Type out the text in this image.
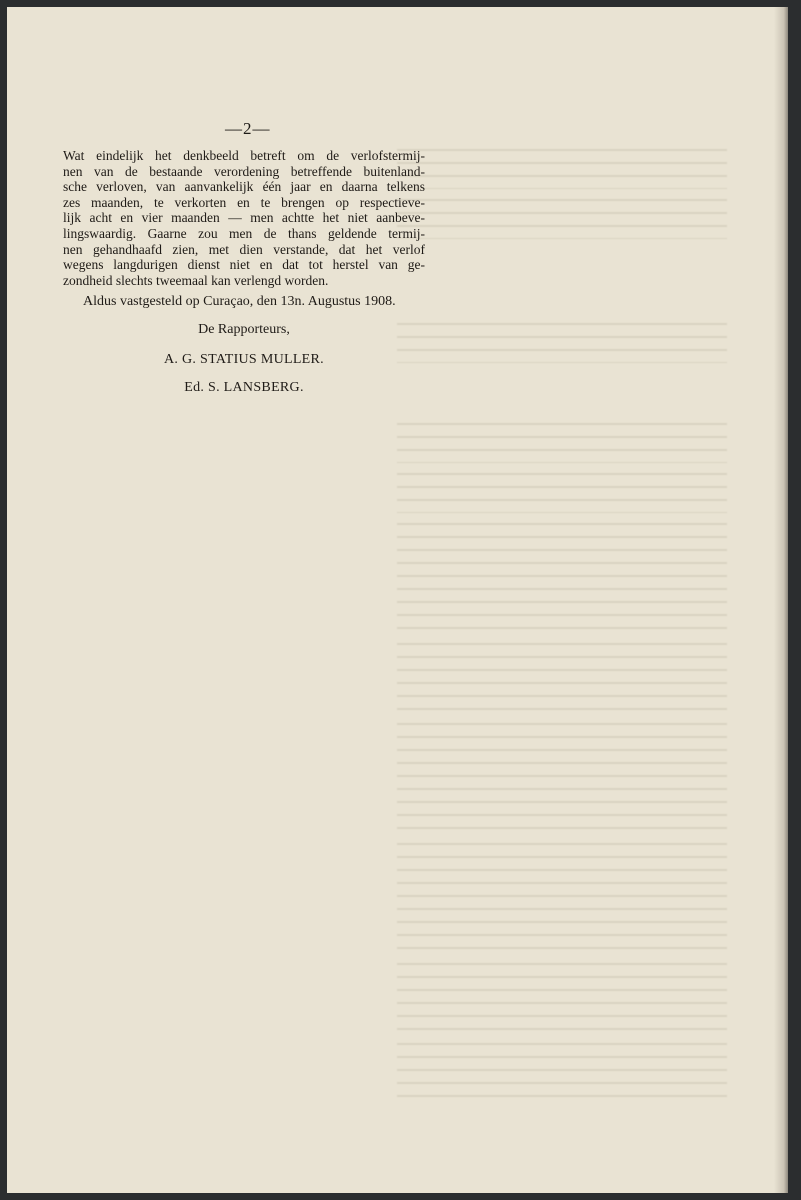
—2—
Wat eindelijk het denkbeeld betreft om de verlofstermij-
nen van de bestaande verordening betreffende buitenland-
sche verloven, van aanvankelijk één jaar en daarna telkens
zes maanden, te verkorten en te brengen op respectieve-
lijk acht en vier maanden — men achtte het niet aanbeve-
lingswaardig. Gaarne zou men de thans geldende termij-
nen gehandhaafd zien, met dien verstande, dat het verlof
wegens langdurigen dienst niet en dat tot herstel van ge-
zondheid slechts tweemaal kan verlengd worden.
Aldus vastgesteld op Curaçao, den 13n. Augustus 1908.
De Rapporteurs,
A. G. STATIUS MULLER.
Ed. S. LANSBERG.
